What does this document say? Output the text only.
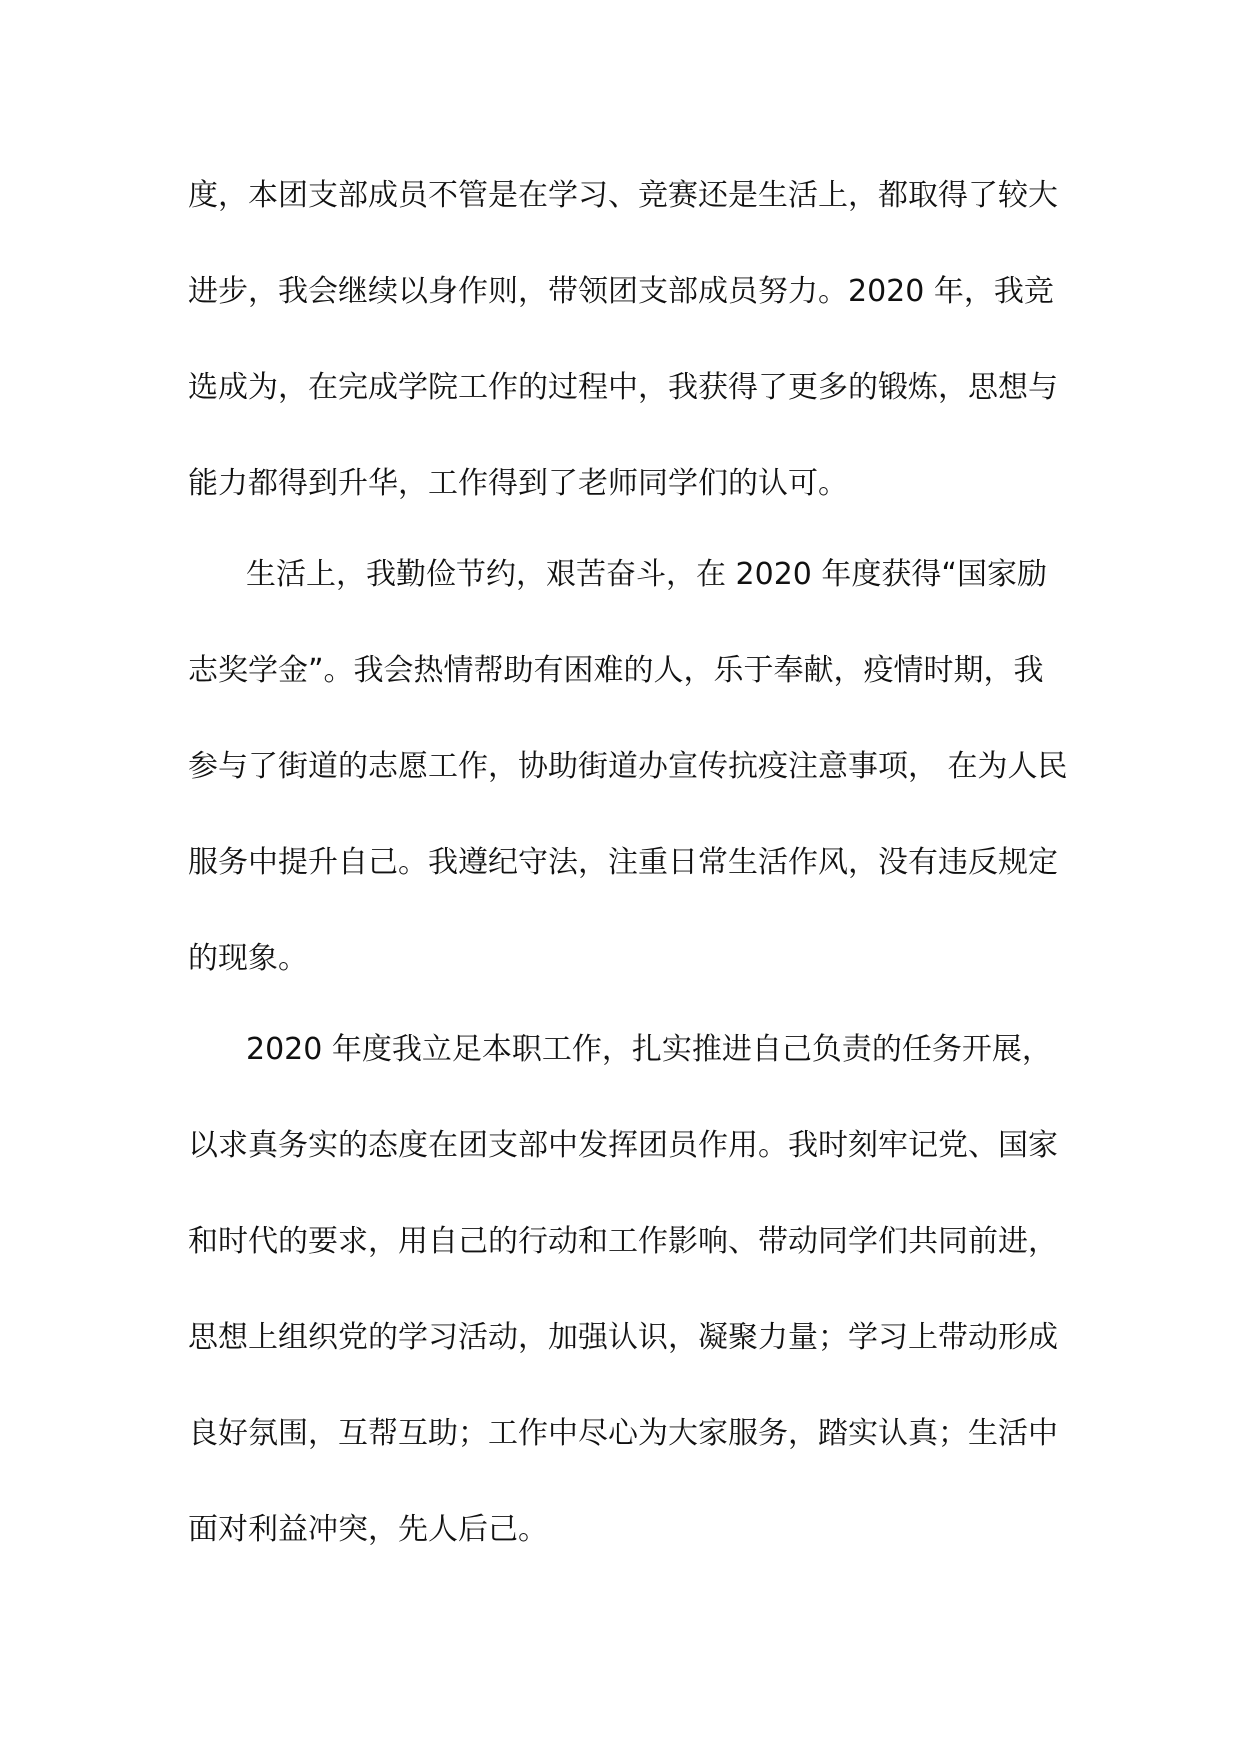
度，本团支部成员不管是在学习、竞赛还是生活上，都取得了较大
进步，我会继续以身作则，带领团支部成员努力。2020 年，我竞
选成为，在完成学院工作的过程中，我获得了更多的锻炼，思想与
能力都得到升华，工作得到了老师同学们的认可。
生活上，我勤俭节约，艰苦奋斗，在 2020 年度获得“国家励
志奖学金”。我会热情帮助有困难的人，乐于奉献，疫情时期，我
参与了街道的志愿工作，协助街道办宣传抗疫注意事项， 在为人民
服务中提升自己。我遵纪守法，注重日常生活作风，没有违反规定
的现象。
2020 年度我立足本职工作，扎实推进自己负责的任务开展，
以求真务实的态度在团支部中发挥团员作用。我时刻牢记党、国家
和时代的要求，用自己的行动和工作影响、带动同学们共同前进，
思想上组织党的学习活动，加强认识，凝聚力量；学习上带动形成
良好氛围，互帮互助；工作中尽心为大家服务，踏实认真；生活中
面对利益冲突，先人后己。
